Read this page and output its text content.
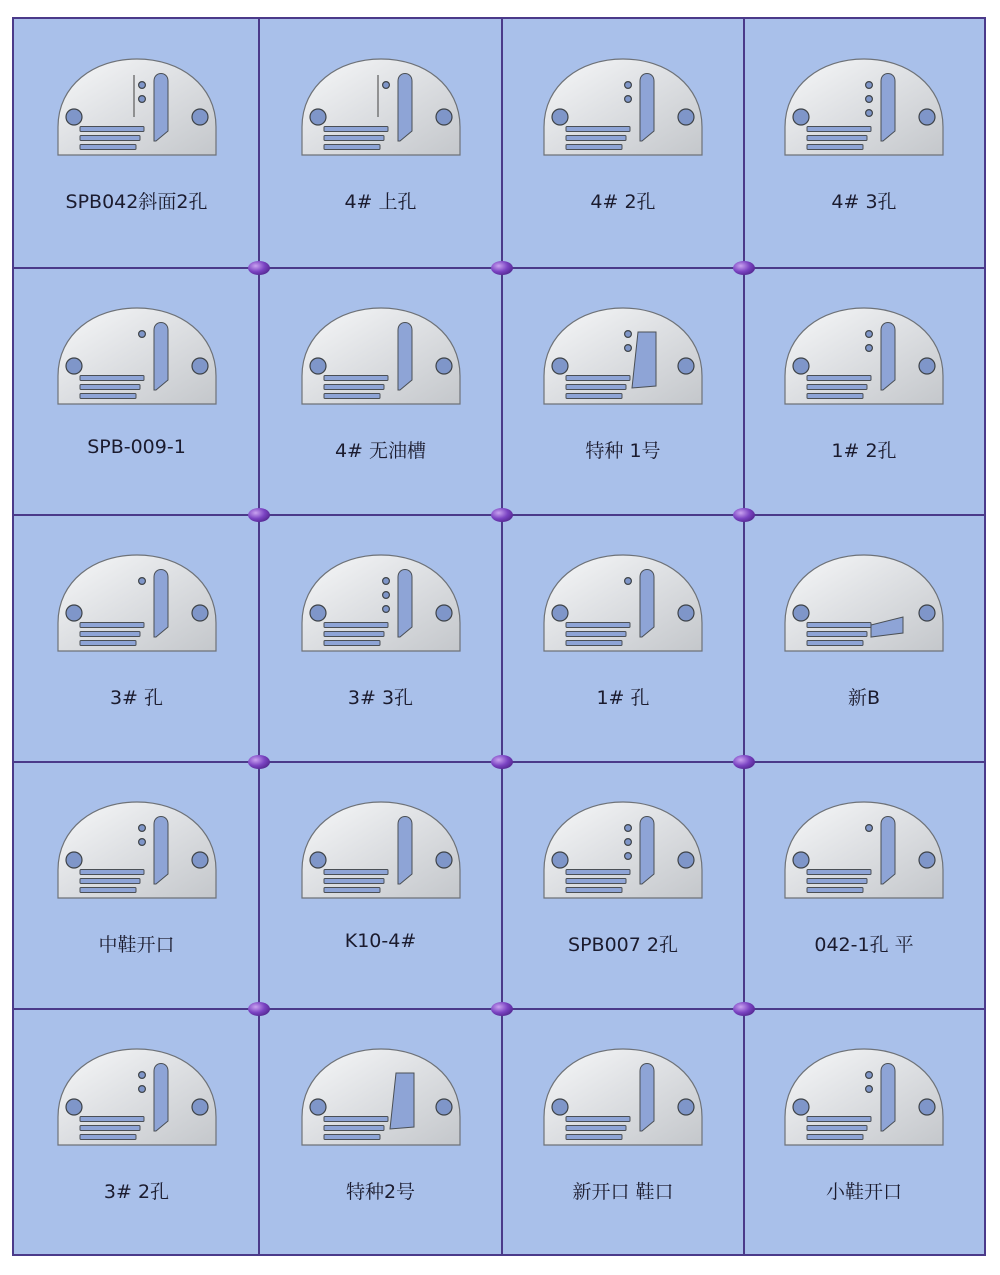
SPB042斜面2孔	4# 上孔	4# 2孔	4# 3孔
SPB-009-1	4# 无油槽	特种 1号	1# 2孔
3# 孔	3# 3孔	1# 孔	新B
中鞋开口	K10-4#	SPB007 2孔	042-1孔 平
3# 2孔	特种2号	新开口 鞋口	小鞋开口
